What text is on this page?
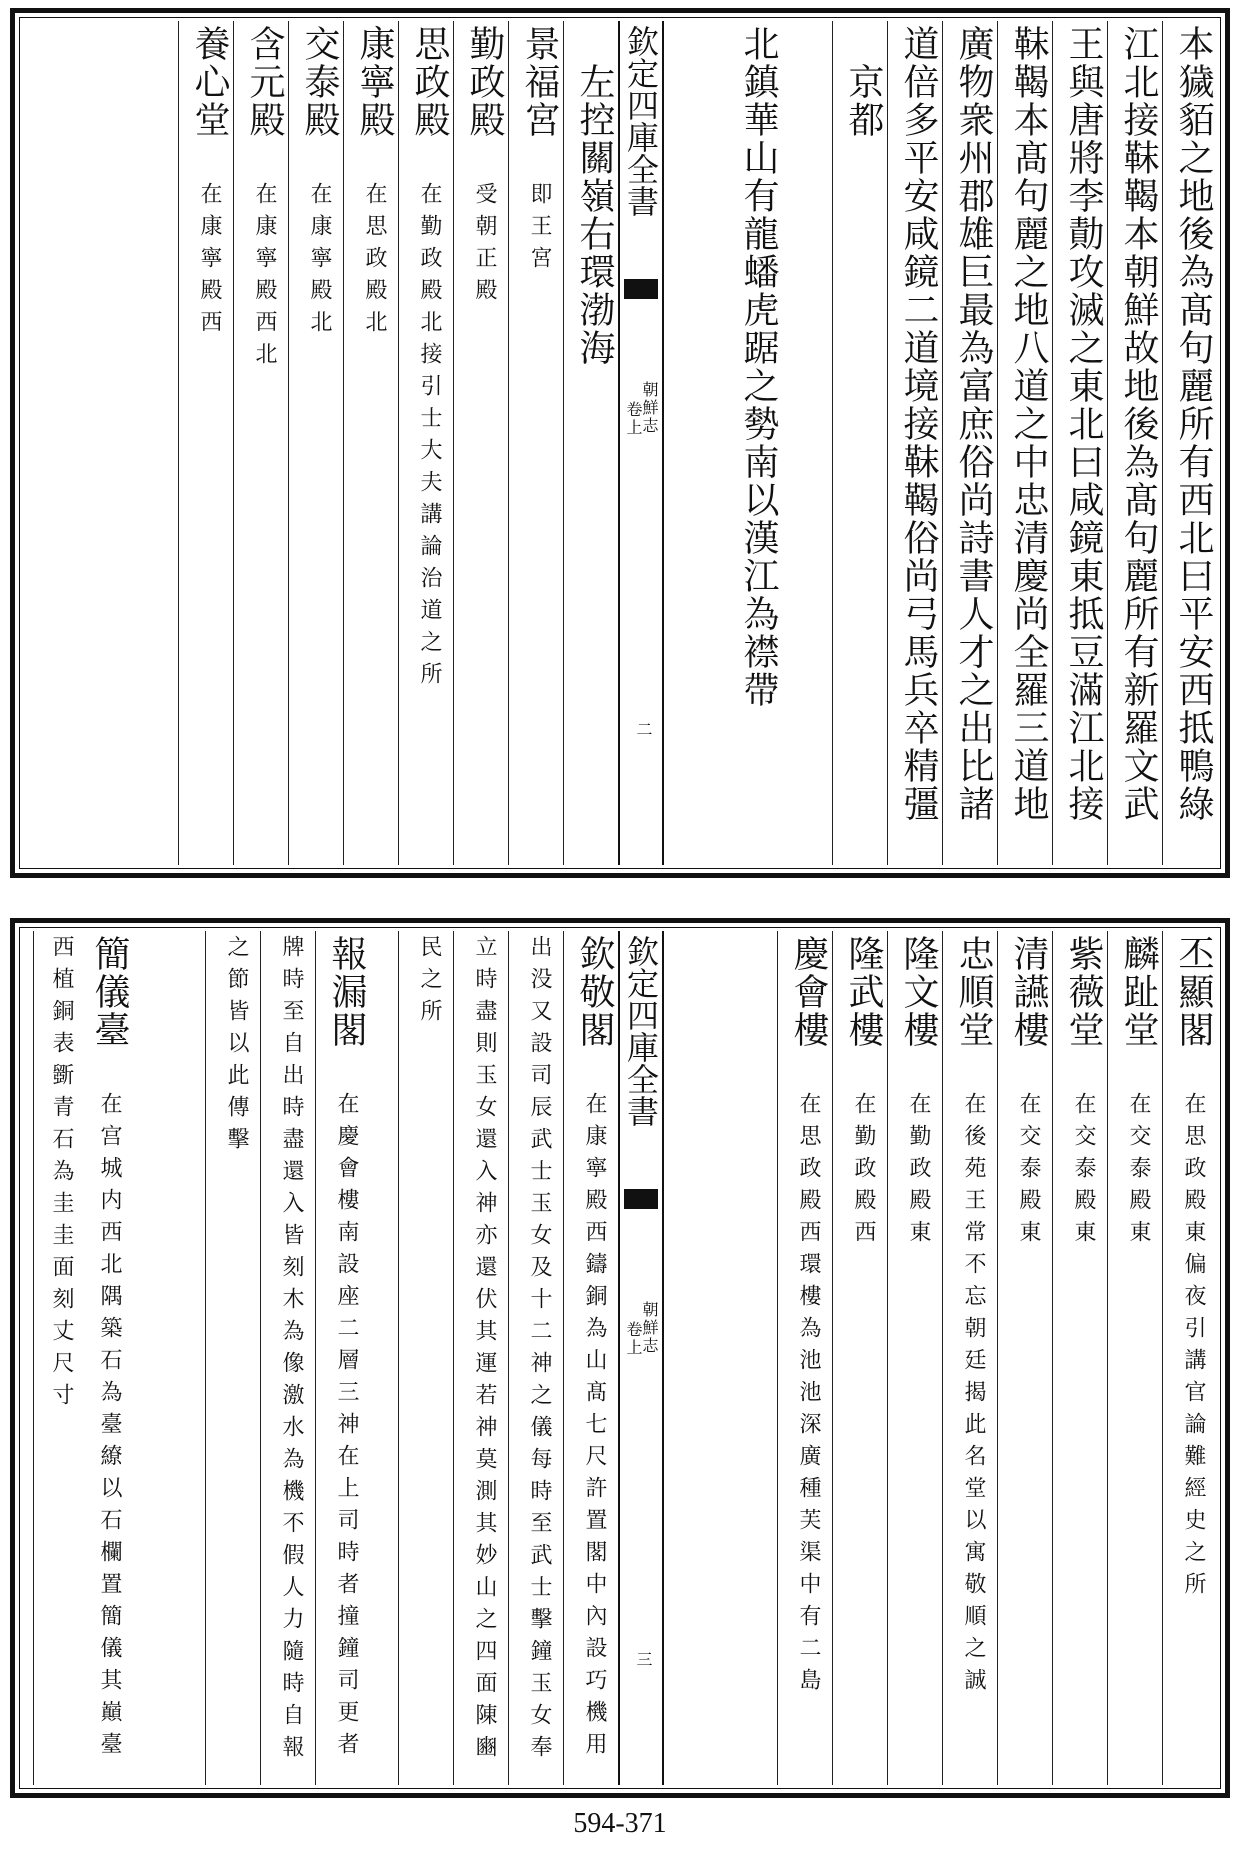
本獩貊之地後為髙句麗所有西北曰平安西抵鴨綠
江北接靺鞨本朝鮮故地後為髙句麗所有新羅文武
王與唐將李勣攻滅之東北曰咸鏡東抵豆滿江北接
靺鞨本髙句麗之地八道之中忠清慶尚全羅三道地
廣物衆州郡雄巨最為富庶俗尚詩書人才之出比諸
道倍多平安咸鏡二道境接靺鞨俗尚弓馬兵卒精彊
　京都
北鎮華山有龍蟠虎踞之勢南以漢江為襟帶
欽定四庫全書
朝鮮志
卷上
二
　左控關嶺右環渤海
景福宮 即王宮
勤政殿 受朝正殿
思政殿 在勤政殿北接引士大夫講論治道之所
康寧殿 在思政殿北
交泰殿 在康寧殿北
含元殿 在康寧殿西北
養心堂 在康寧殿西
丕顯閣 在思政殿東偏夜引講官論難經史之所
麟趾堂 在交泰殿東
紫薇堂 在交泰殿東
清讌樓 在交泰殿東
忠順堂 在後苑王常不忘朝廷揭此名堂以寓敬順之誠
隆文樓 在勤政殿東
隆武樓 在勤政殿西
慶會樓 在思政殿西環樓為池池深廣種芙渠中有二島
欽定四庫全書
朝鮮志
卷上
三
欽敬閣 在康寧殿西鑄銅為山髙七尺許置閣中內設巧機用
出没又設司辰武士玉女及十二神之儀每時至武士擊鐘玉女奉
立時盡則玉女還入神亦還伏其運若神莫測其妙山之四面陳豳
民之所
報漏閣 在慶會樓南設座二層三神在上司時者撞鐘司更者
牌時至自出時盡還入皆刻木為像激水為機不假人力隨時自報
之節皆以此傳擊
簡儀臺 在宫城内西北隅築石為臺繚以石欄置簡儀其巔臺西植銅表斵青石為圭圭面刻丈尺寸
594-371
